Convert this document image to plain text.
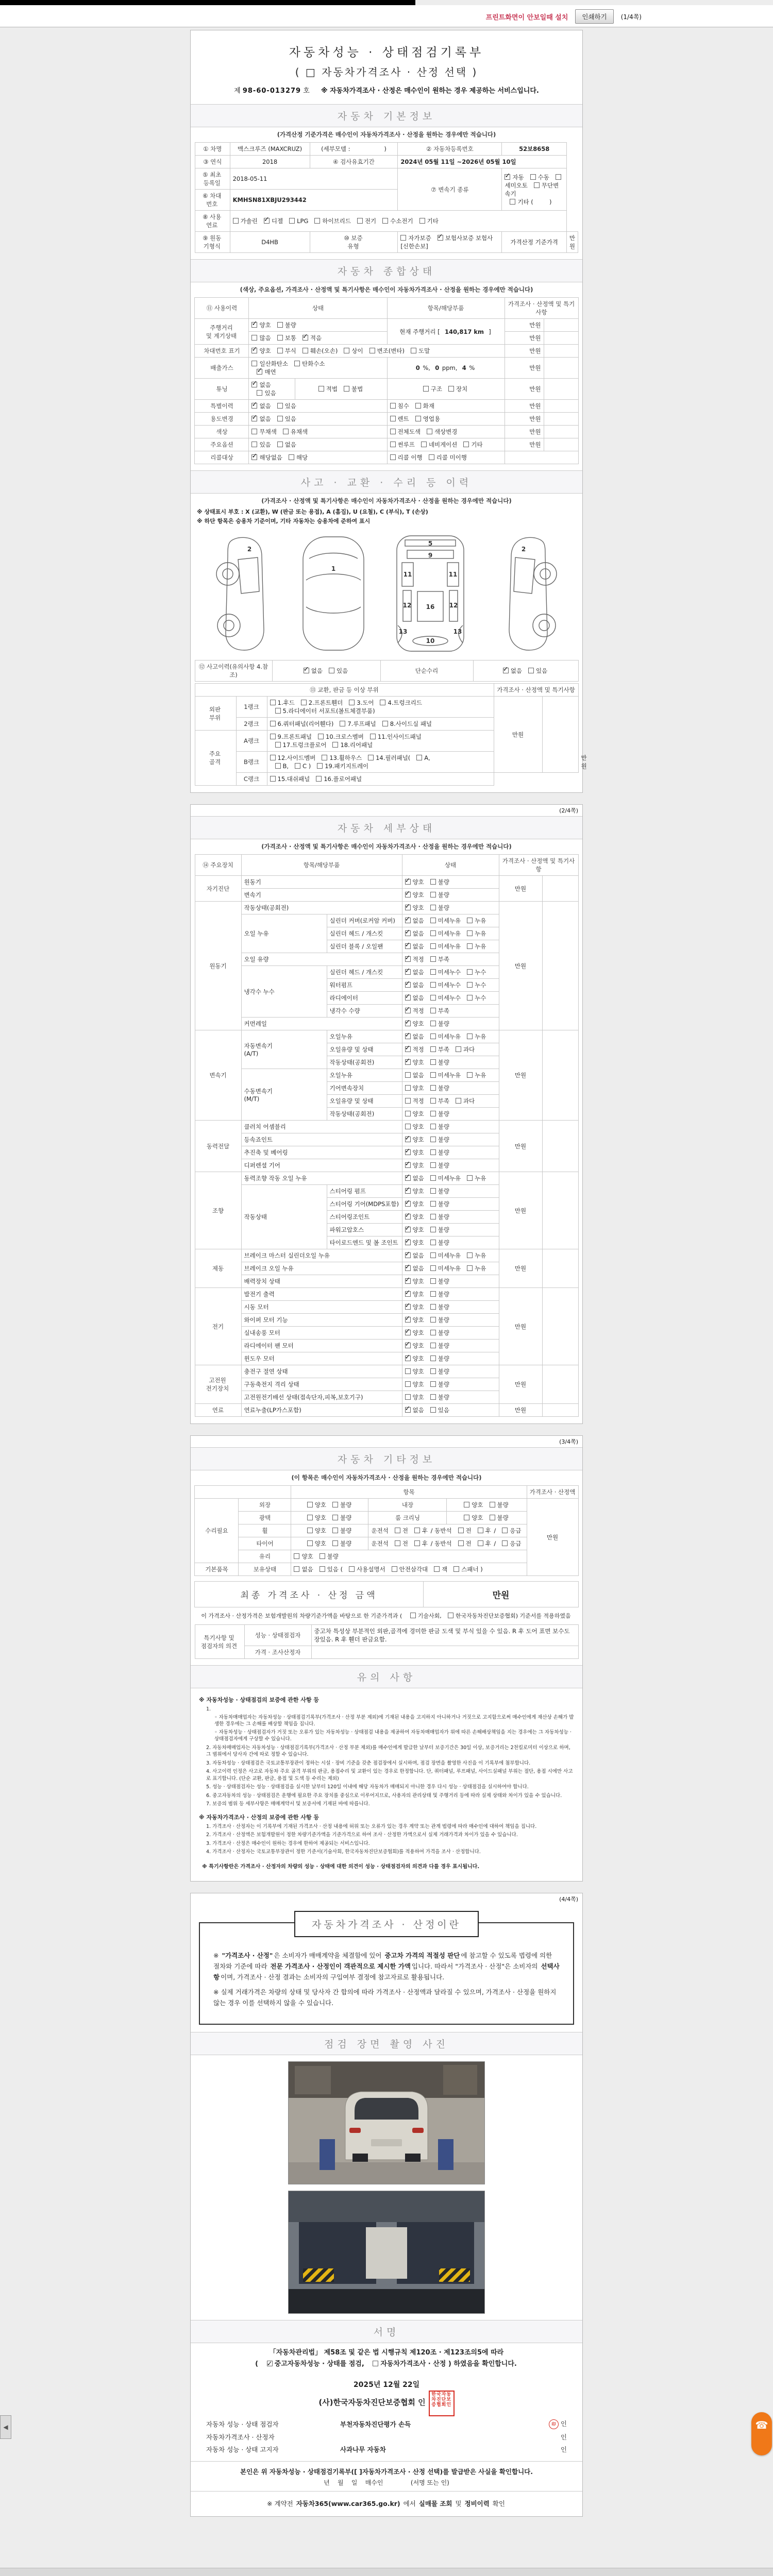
프린트화면이 안보일때 설치	인쇄하기	(1/4쪽)
자동차성능 · 상태점검기록부
( □ 자동차가격조사 · 산정 선택 )
제 98-60-013279 호 ※ 자동차가격조사 · 산정은 매수인이 원하는 경우 제공하는 서비스입니다.
자동차 기본정보
(가격산정 기준가격은 매수인이 자동차가격조사 · 산정을 원하는 경우에만 적습니다)
① 차명	맥스크루즈 (MAXCRUZ)	(세부모델 :                  )	② 자동차등록번호	52보8658	
③ 연식	2018	④ 검사유효기간	2024년 05월 11일 ~2026년 05월 10일		
⑤ 최초
등록일	2018-05-11		⑦ 변속기 종류	✓자동 수동세미오토 무단변속기
기타 (        )
⑥ 차대
번호	KMHSN81XBJU293442				
⑧ 사용
연료	가솔린 ✓ 디젤 LPG 하이브리드 전기 수소전기 기타
⑨ 원동
기형식	D4HB	⑩ 보증
유형	자가보증 ✓ 보험사보증 보험사[신한손보]	가격산정 기준가격	만원
자동차 종합상태
(색상, 주요옵션, 가격조사 · 산정액 및 특기사항은 매수인이 자동차가격조사 · 산정을 원하는 경우에만 적습니다)
⑪ 사용이력	상태		항목/해당부품	가격조사 · 산정액 및 특기사항	
주행거리
및 계기상태	✓양호 불량		현재 주행거리 [  140,817 km  ]	만원	
	많음 보통 ✓ 적음			만원	
차대번호 표기	✓양호 부식 훼손(오손) 상이 변조(변타) 도말			만원	
배출가스	일산화탄소 탄화수소
✓매연		0 %,  0 ppm,  4 %	만원	
튜닝	✓없음
있음	적법 불법	구조 장치	만원	
특별이력	✓없음 있음		침수 화재	만원	
용도변경	✓없음 있음		렌트 영업용	만원	
색상	무채색 유채색		전체도색 색상변경	만원	
주요옵션	있음 없음		썬루프 네비게이션 기타	만원	
리콜대상	✓해당없음 해당		리콜 이행 리콜 미이행		
사고 · 교환 · 수리 등 이력
(가격조사 · 산정액 및 특기사항은 매수인이 자동차가격조사 · 산정을 원하는 경우에만 적습니다)
※ 상태표시 부호 : X (교환), W (판금 또는 용접), A (흠집), U (요철), C (부식), T (손상)
※ 하단 항목은 승용차 기준이며, 기타 자동차는 승용차에 준하여 표시
2
1
5
9
11	11
12	12
13	13
16
10
2
⑫ 사고이력(유의사항 4.참조)	✓없음 있음	단순수리	✓없음 있음
⑬ 교환, 판금 등 이상 부위			가격조사 · 산정액 및 특기사항		
외판
부위	1랭크	1.후드 2.프론트휀더 3.도어 4.트렁크리드
5.라디에이터 서포트(볼트체결부품)	만원		
	2랭크	6.쿼터패널(리어휀다) 7.루프패널 8.사이드실 패널			
주요
골격	A랭크	9.프론트패널 10.크로스멤버 11.인사이드패널
17.트렁크플로어 18.리어패널			
	B랭크	12.사이드멤버 13.휠하우스 14.필러패널( A,
B, C ) 19.패키지트레이			만원	
	C랭크	15.대쉬패널 16.플로어패널			
(2/4쪽)
자동차 세부상태
(가격조사 · 산정액 및 특기사항은 매수인이 자동차가격조사 · 산정을 원하는 경우에만 적습니다)
⑭ 주요장치	항목/해당부품		상태	가격조사 · 산정액 및 특기사항	
자기진단	원동기	✓양호 불량	만원	
	변속기	✓양호 불량
원동기	작동상태(공회전)	✓양호 불량	만원	
	오일 누유	실린더 커버(로커암 커버)	✓없음 미세누유 누유
		실린더 헤드 / 개스킷	✓없음 미세누유 누유
		실린더 블록 / 오일팬	✓없음 미세누유 누유
	오일 유량	✓적정 부족
	냉각수 누수	실린더 헤드 / 개스킷	✓없음 미세누수 누수
		워터펌프	✓없음 미세누수 누수
		라디에이터	✓없음 미세누수 누수
		냉각수 수량	✓적정 부족
	커먼레일	✓양호 불량
변속기	자동변속기
(A/T)	오일누유	✓없음 미세누유 누유	만원	
		오일유량 및 상태	✓적정 부족 과다
		작동상태(공회전)	✓양호 불량
	수동변속기
(M/T)	오일누유	없음 미세누유 누유		
		기어변속장치	양호 불량		
		오일유량 및 상태	적정 부족 과다		
		작동상태(공회전)	양호 불량		
동력전달	클러치 어셈블리		양호 불량	만원	
	등속죠인트	✓양호 불량
	추진축 및 베어링	✓양호 불량
	디퍼렌셜 기어	✓양호 불량
조향	동력조향 작동 오일 누유	✓없음 미세누유 누유	만원	
	작동상태	스티어링 펌프	✓양호 불량
		스티어링 기어(MDPS포함)	✓양호 불량
		스티어링조인트	✓양호 불량
		파워고압호스	✓양호 불량
		타이로드엔드 및 볼 조인트	✓양호 불량
제동	브레이크 마스터 실린더오일 누유	✓없음 미세누유 누유	만원	
	브레이크 오일 누유	✓없음 미세누유 누유
	배력장치 상태	✓양호 불량
전기	발전기 출력	✓양호 불량	만원	
	시동 모터	✓양호 불량
	와이퍼 모터 기능	✓양호 불량
	실내송풍 모터	✓양호 불량
	라디에이터 팬 모터	✓양호 불량
	윈도우 모터	✓양호 불량
고전원
전기장치	충전구 절연 상태		양호 불량	만원	
	구동축전지 격리 상태		양호 불량		
	고전원전기배선 상태(접속단자,피복,보호기구)		양호 불량		
연료	연료누출(LP가스포함)	✓없음 있음	만원	
(3/4쪽)
자동차 기타정보
(이 항목은 매수인이 자동차가격조사 · 산정을 원하는 경우에만 적습니다)
		항목			가격조사 · 산정액
수리필요	외장	양호 불량	내장	양호 불량	만원
	광택	양호 불량	룸 크리닝	양호 불량	
	휠	양호 불량	운전석 전 후 / 동반석 전 후 / 응급		
	타이어	양호 불량	운전석 전 후 / 동반석 전 후 / 응급		
	유리	양호 불량			
기본품목	보유상태	없음 있음 ( 사용설명서 안전삼각대 잭 스패너 )			
최종 가격조사 · 산정 금액	만원
이 가격조사 · 산정가격은 보험개발원의 차량기준가액을 바탕으로 한 기준가격과 ( 기술사회, 한국자동차진단보증협회) 기준서를 적용하였음
특기사항 및
점검자의 의견	성능 · 상태점검자	중고차 특성상 부분적인 외판,골격에 경미한 판금 도색 및 부식 있을 수 있음. R 후 도어 표면 보수도장있음. R 후 휀더 판금요함.
	가격 · 조사산정자	
유의 사항
※ 자동차성능 · 상태점검의 보증에 관한 사항 등
1.
◦ 자동차매매업자는 자동차성능 · 상태점검기록부(가격조사 · 산정 부분 제외)에 기재된 내용을 고지하지 아니하거나 거짓으로 고지함으로써 매수인에게 재산상 손해가 발생한 경우에는 그 손해를 배상할 책임을 집니다.
◦ 자동차성능 · 상태점검자가 거짓 또는 오류가 있는 자동차성능 · 상태점검 내용을 제공하여 자동차매매업자가 위에 따른 손해배상책임을 지는 경우에는 그 자동차성능 · 상태점검자에게 구상할 수 있습니다.
2. 자동차매매업자는 자동차성능 · 상태점검기록부(가격조사 · 산정 부분 제외)를 매수인에게 발급한 날부터 보증기간은 30일 이상, 보증거리는 2천킬로미터 이상으로 하며, 그 범위에서 당사자 간에 따로 정할 수 있습니다.
3. 자동차성능 · 상태점검은 국토교통부장관이 정하는 시설 · 장비 기준을 갖춘 점검장에서 실시하며, 점검 장면을 촬영한 사진을 이 기록부에 첨부합니다.
4. 사고이력 인정은 사고로 자동차 주요 골격 부위의 판금, 용접수리 및 교환이 있는 경우로 한정합니다. 단, 쿼터패널, 루프패널, 사이드실패널 부위는 절단, 용접 시에만 사고로 표기합니다. (단순 교환, 판금, 용접 및 도색 등 수리는 제외)
5. 성능 · 상태점검자는 성능 · 상태점검을 실시한 날부터 120일 이내에 해당 자동차가 매매되지 아니한 경우 다시 성능 · 상태점검을 실시하여야 합니다.
6. 중고자동차의 성능 · 상태점검은 운행에 필요한 주요 장치를 중심으로 이루어지므로, 사용자의 관리상태 및 주행거리 등에 따라 실제 상태와 차이가 있을 수 있습니다.
7. 보증의 범위 등 세부사항은 매매계약서 및 보증서에 기재된 바에 따릅니다.
※ 자동차가격조사 · 산정의 보증에 관한 사항 등
1. 가격조사 · 산정자는 이 기록부에 기재된 가격조사 · 산정 내용에 허위 또는 오류가 있는 경우 계약 또는 관계 법령에 따라 매수인에 대하여 책임을 집니다.
2. 가격조사 · 산정액은 보험개발원이 정한 차량기준가액을 기준가격으로 하여 조사 · 산정한 가액으로서 실제 거래가격과 차이가 있을 수 있습니다.
3. 가격조사 · 산정은 매수인이 원하는 경우에 한하여 제공되는 서비스입니다.
4. 가격조사 · 산정자는 국토교통부장관이 정한 기준서(기술사회, 한국자동차진단보증협회)를 적용하여 가격을 조사 · 산정합니다.
※ 특기사항란은 가격조사 · 산정자의 차량의 성능 · 상태에 대한 의견이 성능 · 상태점검자의 의견과 다를 경우 표시됩니다.
(4/4쪽)
자동차가격조사 · 산정이란

※ "가격조사 · 산정" 은 소비자가 매매계약을 체결함에 있어 중고차 가격의 적절성 판단 에 참고할 수 있도록 법령에 의한 절차와 기준에 따라 전문 가격조사 · 산정인이 객관적으로 제시한 가액 입니다. 따라서 "가격조사 · 산정"은 소비자의 선택사항 이며, 가격조사 · 산정 결과는 소비자의 구입여부 결정에 참고자료로 활용됩니다.

※ 실제 거래가격은 차량의 상태 및 당사자 간 합의에 따라 가격조사 · 산정액과 달라질 수 있으며, 가격조사 · 산정을 원하지 않는 경우 이를 선택하지 않을 수 있습니다.

점검 장면 촬영 사진
서명
「자동차관리법」 제58조 및 같은 법 시행규칙 제120조 · 제123조의5에 따라
( ✓중고자동차성능 · 상태를 점검, 자동차가격조사 · 산정 ) 하였음을 확인합니다.
2025년 12월 22일
(사)한국자동차진단보증협회 인
한국자동차진단보증협회인
자동차 성능 · 상태 점검자	부천자동차진단평가 손득	印 인
자동차가격조사 · 산정자	인
자동차 성능 · 상태 고지자	사과나무 자동차	인
본인은 위 자동차성능 · 상태점검기록부([ ]자동차가격조사 · 산정 선택)를 발급받은 사실을 확인합니다.
년    월    일    매수인              (서명 또는 인)
※ 계약전 자동차365(www.car365.go.kr) 에서 실매물 조회 및 정비이력 확인
◀	☎
